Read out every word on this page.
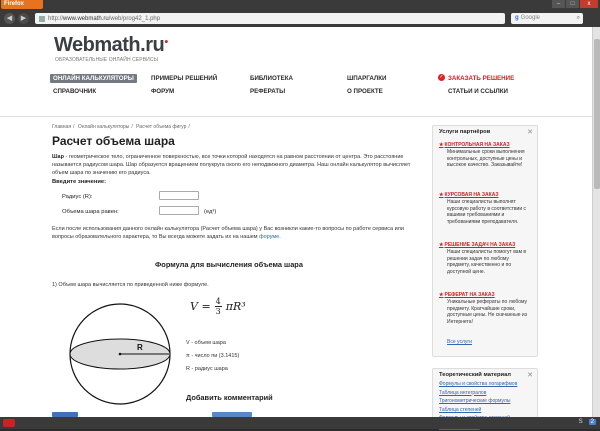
Firefox	–	□	x
◀	▶	http:// www.webmath.ru /web/prog42_1.php	g Google	⌕
Webmath.ru●
ОБРАЗОВАТЕЛЬНЫЕ ОНЛАЙН СЕРВИСЫ
ОНЛАЙН КАЛЬКУЛЯТОРЫ	ПРИМЕРЫ РЕШЕНИЙ	БИБЛИОТЕКА	ШПАРГАЛКИ	✓ ЗАКАЗАТЬ РЕШЕНИЕ
СПРАВОЧНИК	ФОРУМ	РЕФЕРАТЫ	О ПРОЕКТЕ	СТАТЬИ И ССЫЛКИ
Главная / Онлайн калькуляторы / Расчет объема фигур /
Расчет объема шара
Шар - геометрическое тело, ограниченное поверхностью, все точки которой находятся на равном расстоянии от центра. Это расстояние называется радиусом шара. Шар образуется вращением полукруга около его неподвижного диаметра. Наш онлайн калькулятор вычисляет объем шара по значению его радиуса.
Введите значение:
Радиус (R):
Объема шара равен:	(ед³)
Если после использования данного онлайн калькулятора (Расчет объема шара) у Вас возникли какие-то вопросы по работе сервиса или вопросы образовательного характера, то Вы всегда можете задать их на нашем форуме.
Формула для вычисления объема шара
1) Объем шара вычисляется по приведенной ниже формуле.
$V = \frac{4}{3} \pi R^3$
R	V - объем шара
π - число пи (3.1415)
R - радиус шара
Добавить комментарий
Услуги партнёров	✕
★КОНТРОЛЬНАЯ НА ЗАКАЗ
Минимальные сроки выполнения контрольных, доступные цены и высокое качество. Заказывайте!
★КУРСОВАЯ НА ЗАКАЗ
Наши специалисты выполнят курсовую работу в соответствии с вашими требованиями и требованиями преподавателя.
★РЕШЕНИЕ ЗАДАЧ НА ЗАКАЗ
Наши специалисты помогут вам в решении задач по любому предмету, качественно и по доступной цене.
★РЕФЕРАТ НА ЗАКАЗ
Уникальные рефераты по любому предмету. Кратчайшие сроки, доступные цены. Не скачанные из Интернета!
Все услуги
Теоретический материал	✕
Формулы и свойства логарифмов
Таблица интегралов
Тригонометрические формулы
Таблица степеней
S	2
